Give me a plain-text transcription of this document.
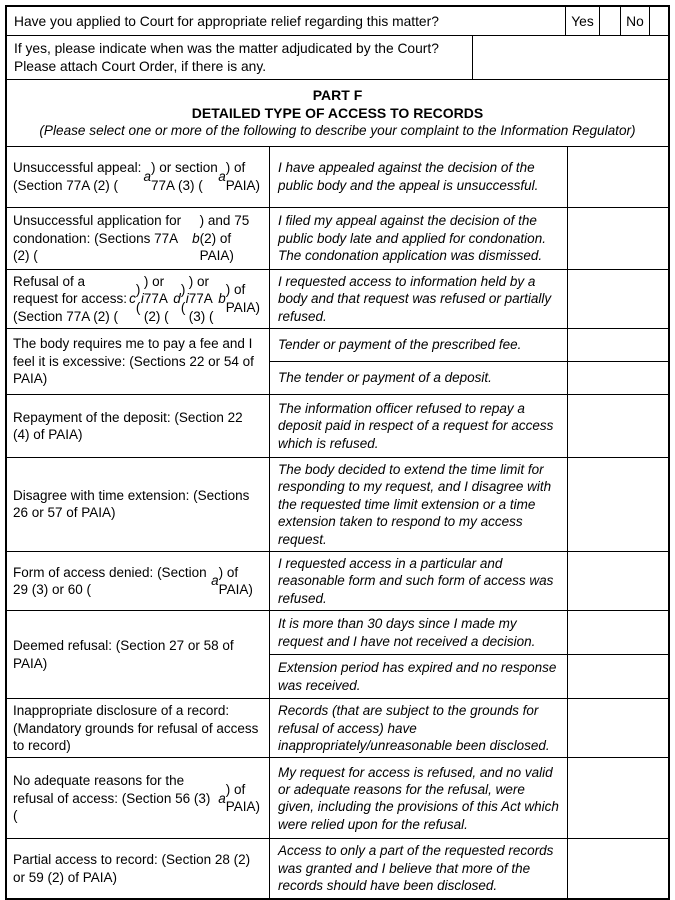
Have you applied to Court for appropriate relief regarding this matter?	Yes	No
If yes, please indicate when was the matter adjudicated by the Court?
Please attach Court Order, if there is any.
PART F
DETAILED TYPE OF ACCESS TO RECORDS
(Please select one or more of the following to describe your complaint to the Information Regulator)
Unsuccessful appeal: (Section 77A (2) (
a
) or section 77A (3) (
a
) of PAIA)
I have appealed against the decision of the public body and the appeal is unsuccessful.
Unsuccessful application for condonation: (Sections 77A (2) (
b
) and 75 (2) of PAIA)
I filed my appeal against the decision of the public body late and applied for condonation. The condonation application was dismissed.
Refusal of a request for access: (Section 77A (2) (
c
) (
i
) or 77A (2) (
d
) (
i
) or 77A (3) (
b
) of PAIA)
I requested access to information held by a body and that request was refused or partially refused.
The body requires me to pay a fee and I feel it is excessive: (Sections 22 or 54 of PAIA)
Tender or payment of the prescribed fee.
The tender or payment of a deposit.
Repayment of the deposit: (Section 22 (4) of PAIA)
The information officer refused to repay a deposit paid in respect of a request for access which is refused.
Disagree with time extension: (Sections 26 or 57 of PAIA)
The body decided to extend the time limit for responding to my request, and I disagree with the requested time limit extension or a time extension taken to respond to my access request.
Form of access denied: (Section 29 (3) or 60 (
a
) of PAIA)
I requested access in a particular and reasonable form and such form of access was refused.
Deemed refusal: (Section 27 or 58 of PAIA)
It is more than 30 days since I made my request and I have not received a decision.
Extension period has expired and no response was received.
Inappropriate disclosure of a record: (Mandatory grounds for refusal of access to record)
Records (that are subject to the grounds for refusal of access) have inappropriately/unreasonable been disclosed.
No adequate reasons for the refusal of access: (Section 56 (3) (
a
) of PAIA)
My request for access is refused, and no valid or adequate reasons for the refusal, were given, including the provisions of this Act which were relied upon for the refusal.
Partial access to record: (Section 28 (2) or 59 (2) of PAIA)
Access to only a part of the requested records was granted and I believe that more of the records should have been disclosed.
